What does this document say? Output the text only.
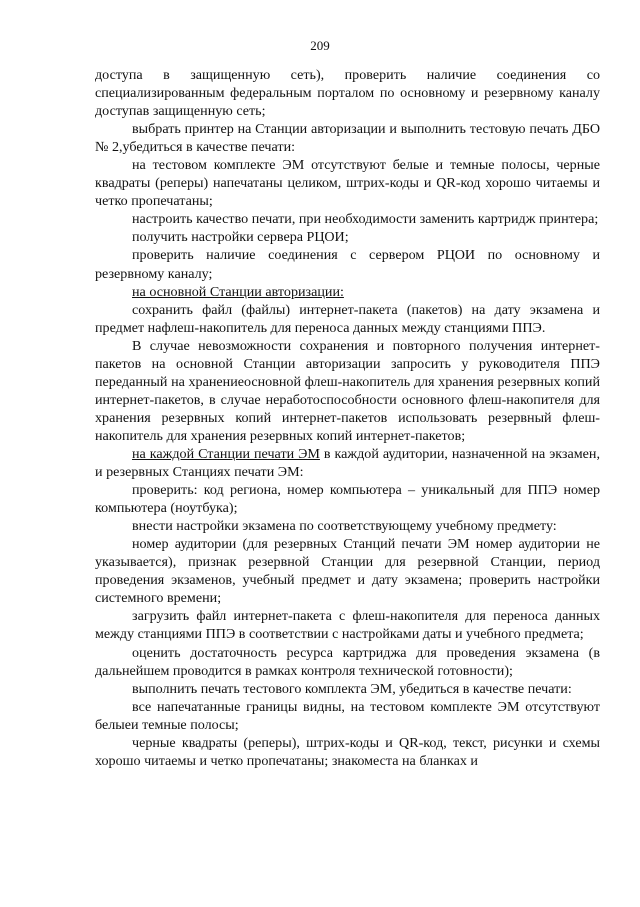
209

доступа в защищенную сеть), проверить наличие соединения со специализированным федеральным порталом по основному и резервному каналу доступав защищенную сеть;

выбрать принтер на Станции авторизации и выполнить тестовую печать ДБО № 2,убедиться в качестве печати:

на тестовом комплекте ЭМ отсутствуют белые и темные полосы, черные квадраты (реперы) напечатаны целиком, штрих-коды и QR-код хорошо читаемы и четко пропечатаны;

настроить качество печати, при необходимости заменить картридж принтера;

получить настройки сервера РЦОИ;

проверить наличие соединения с сервером РЦОИ по основному и резервному каналу;

на основной Станции авторизации:

сохранить файл (файлы) интернет-пакета (пакетов) на дату экзамена и предмет нафлеш-накопитель для переноса данных между станциями ППЭ.

В случае невозможности сохранения и повторного получения интернет-пакетов на основной Станции авторизации запросить у руководителя ППЭ переданный на хранениеосновной флеш-накопитель для хранения резервных копий интернет-пакетов, в случае неработоспособности основного флеш-накопителя для хранения резервных копий интернет-пакетов использовать резервный флеш-накопитель для хранения резервных копий интернет-пакетов;

на каждой Станции печати ЭМ в каждой аудитории, назначенной на экзамен, и резервных Станциях печати ЭМ:

проверить: код региона, номер компьютера – уникальный для ППЭ номер компьютера (ноутбука);

внести настройки экзамена по соответствующему учебному предмету:

номер аудитории (для резервных Станций печати ЭМ номер аудитории не указывается), признак резервной Станции для резервной Станции, период проведения экзаменов, учебный предмет и дату экзамена; проверить настройки системного времени;

загрузить файл интернет-пакета с флеш-накопителя для переноса данных между станциями ППЭ в соответствии с настройками даты и учебного предмета;

оценить достаточность ресурса картриджа для проведения экзамена (в дальнейшем проводится в рамках контроля технической готовности);

выполнить печать тестового комплекта ЭМ, убедиться в качестве печати:

все напечатанные границы видны, на тестовом комплекте ЭМ отсутствуют белыеи темные полосы;

черные квадраты (реперы), штрих-коды и QR-код, текст, рисунки и схемы хорошо читаемы и четко пропечатаны; знакоместа на бланках и
